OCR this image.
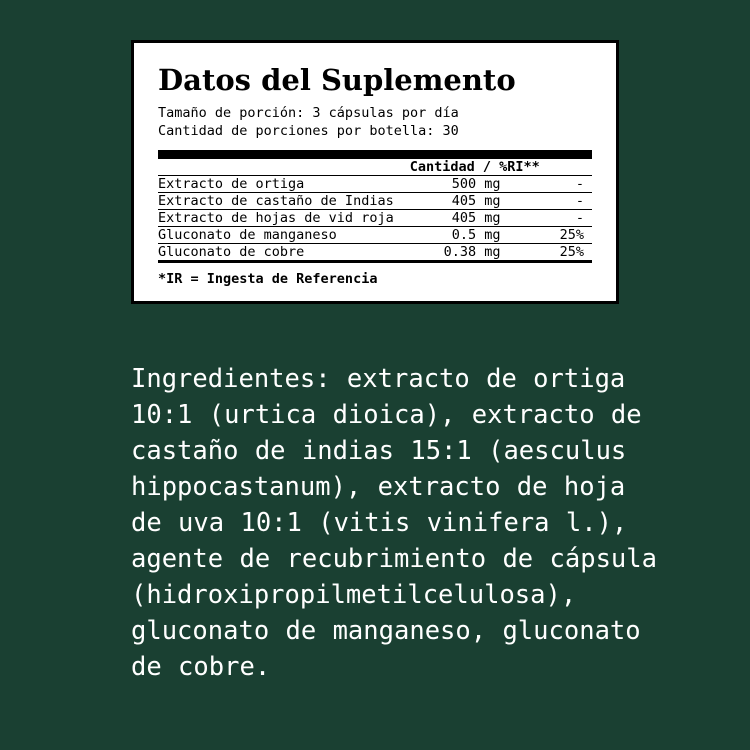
Datos del Suplemento
Tamaño de porción: 3 cápsulas por día
Cantidad de porciones por botella: 30
	Cantidad / %RI**	
Extracto de ortiga	500 mg	-
Extracto de castaño de Indias	405 mg	-
Extracto de hojas de vid roja	405 mg	-
Gluconato de manganeso	0.5 mg	25%
Gluconato de cobre	0.38 mg	25%
*IR = Ingesta de Referencia
Ingredientes: extracto de ortiga 10:1 (urtica dioica), extracto de castaño de indias 15:1 (aesculus hippocastanum), extracto de hoja de uva 10:1 (vitis vinifera l.), agente de recubrimiento de cápsula (hidroxipropilmetilcelulosa), gluconato de manganeso, gluconato de cobre.
